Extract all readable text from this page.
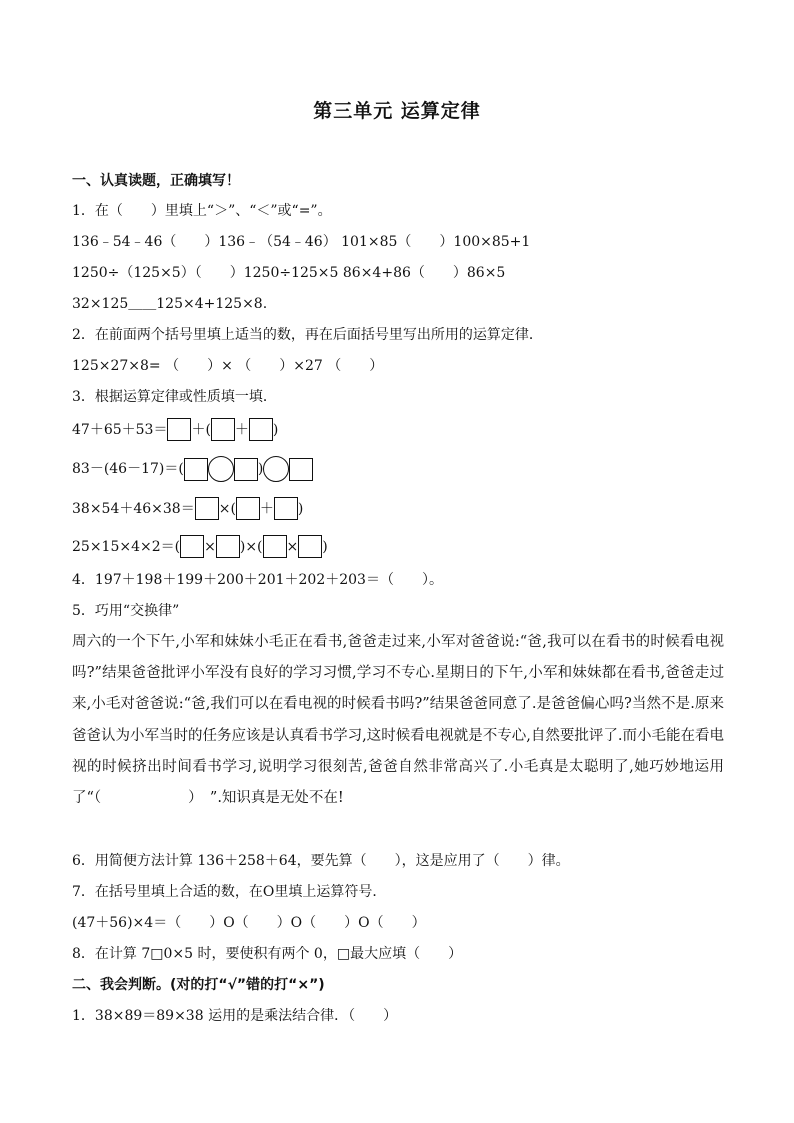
第三单元 运算定律
一、认真读题，正确填写！
1．在（　　）里填上“＞”、“＜”或“=”。
136﹣54﹣46（　　）136﹣（54﹣46） 101×85（　　）100×85+1
1250÷（125×5）（　　）1250÷125×5 86×4+86（　　）86×5
32×125＿＿125×4+125×8.
2．在前面两个括号里填上适当的数，再在后面括号里写出所用的运算定律．
125×27×8= （　　）× （　　）×27 （　　）
3．根据运算定律或性质填一填．
47＋65＋53＝ ＋ ( ＋ )
83－(46－17)＝ (	)
38×54＋46×38＝ × ( ＋ )
25×15×4×2＝ ( × ) × ( × )
4．197＋198＋199＋200＋201＋202＋203＝（　　）。
5．巧用“交换律”
周六的一个下午,小军和妹妹小毛正在看书,爸爸走过来,小军对爸爸说:“爸,我可以在看书的时候看电视吗?”结果爸爸批评小军没有良好的学习习惯,学习不专心.星期日的下午,小军和妹妹都在看书,爸爸走过来,小毛对爸爸说:“爸,我们可以在看电视的时候看书吗?”结果爸爸同意了.是爸爸偏心吗?当然不是.原来爸爸认为小军当时的任务应该是认真看书学习,这时候看电视就是不专心,自然要批评了.而小毛能在看电视的时候挤出时间看书学习,说明学习很刻苦,爸爸自然非常高兴了.小毛真是太聪明了,她巧妙地运用了“（　　　　　　）　”.知识真是无处不在!
6．用简便方法计算 136＋258＋64，要先算（　　），这是应用了（　　）律。
7．在括号里填上合适的数，在O里填上运算符号．
(47＋56)×4＝（　　）O（　　）O（　　）O（　　）
8．在计算 7□0×5 时，要使积有两个 0，□最大应填（　　）
二、我会判断。(对的打“√”错的打“×”)
1．38×89＝89×38 运用的是乘法结合律．（　　）
